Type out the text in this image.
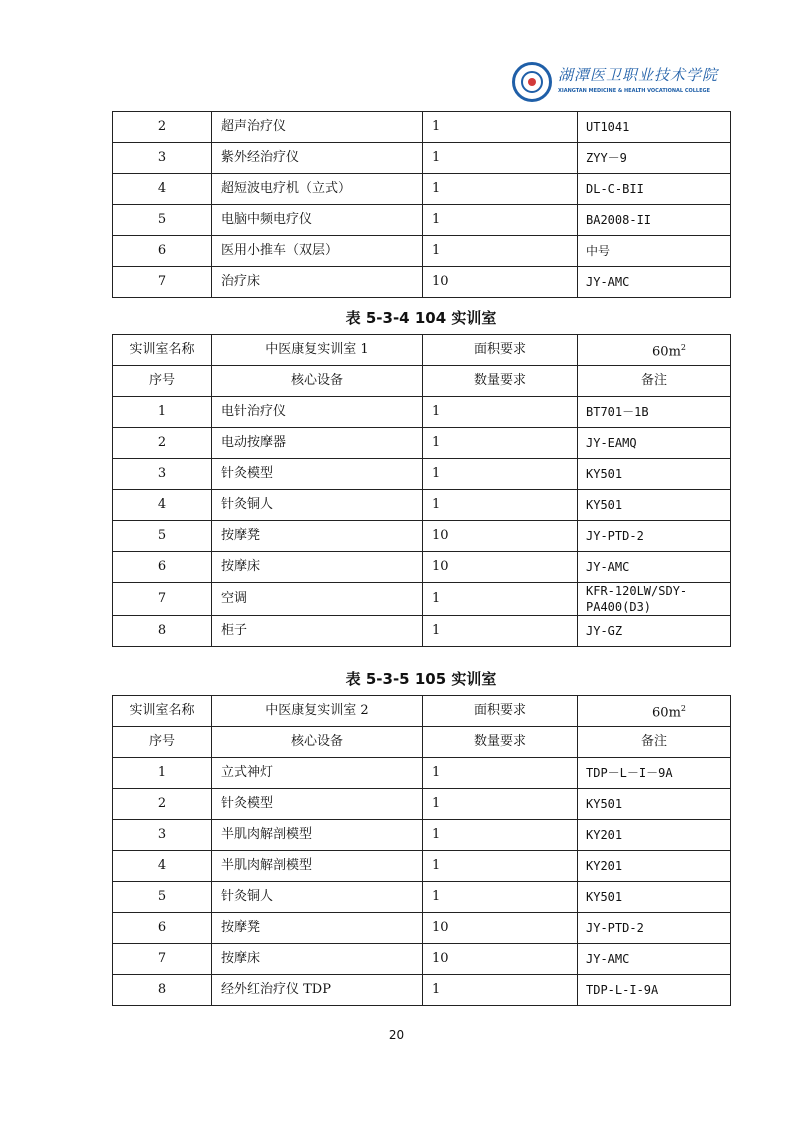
湖潭医卫职业技术学院
XIANGTAN MEDICINE & HEALTH VOCATIONAL COLLEGE
2	超声治疗仪	1	UT1041
3	紫外经治疗仪	1	ZYY－9
4	超短波电疗机（立式）	1	DL-C-BII
5	电脑中频电疗仪	1	BA2008-II
6	医用小推车（双层）	1	中号
7	治疗床	10	JY-AMC
表 5-3-4 104 实训室
实训室名称	中医康复实训室 1	面积要求	$60m^2$
序号	核心设备	数量要求	备注
1	电针治疗仪	1	BT701－1B
2	电动按摩器	1	JY-EAMQ
3	针灸模型	1	KY501
4	针灸铜人	1	KY501
5	按摩凳	10	JY-PTD-2
6	按摩床	10	JY-AMC
7	空调	1	KFR-120LW/SDY-PA400(D3)
8	柜子	1	JY-GZ
表 5-3-5 105 实训室
实训室名称	中医康复实训室 2	面积要求	$60m^2$
序号	核心设备	数量要求	备注
1	立式神灯	1	TDP－L－I－9A
2	针灸模型	1	KY501
3	半肌肉解剖模型	1	KY201
4	半肌肉解剖模型	1	KY201
5	针灸铜人	1	KY501
6	按摩凳	10	JY-PTD-2
7	按摩床	10	JY-AMC
8	经外红治疗仪 TDP	1	TDP-L-I-9A
20
